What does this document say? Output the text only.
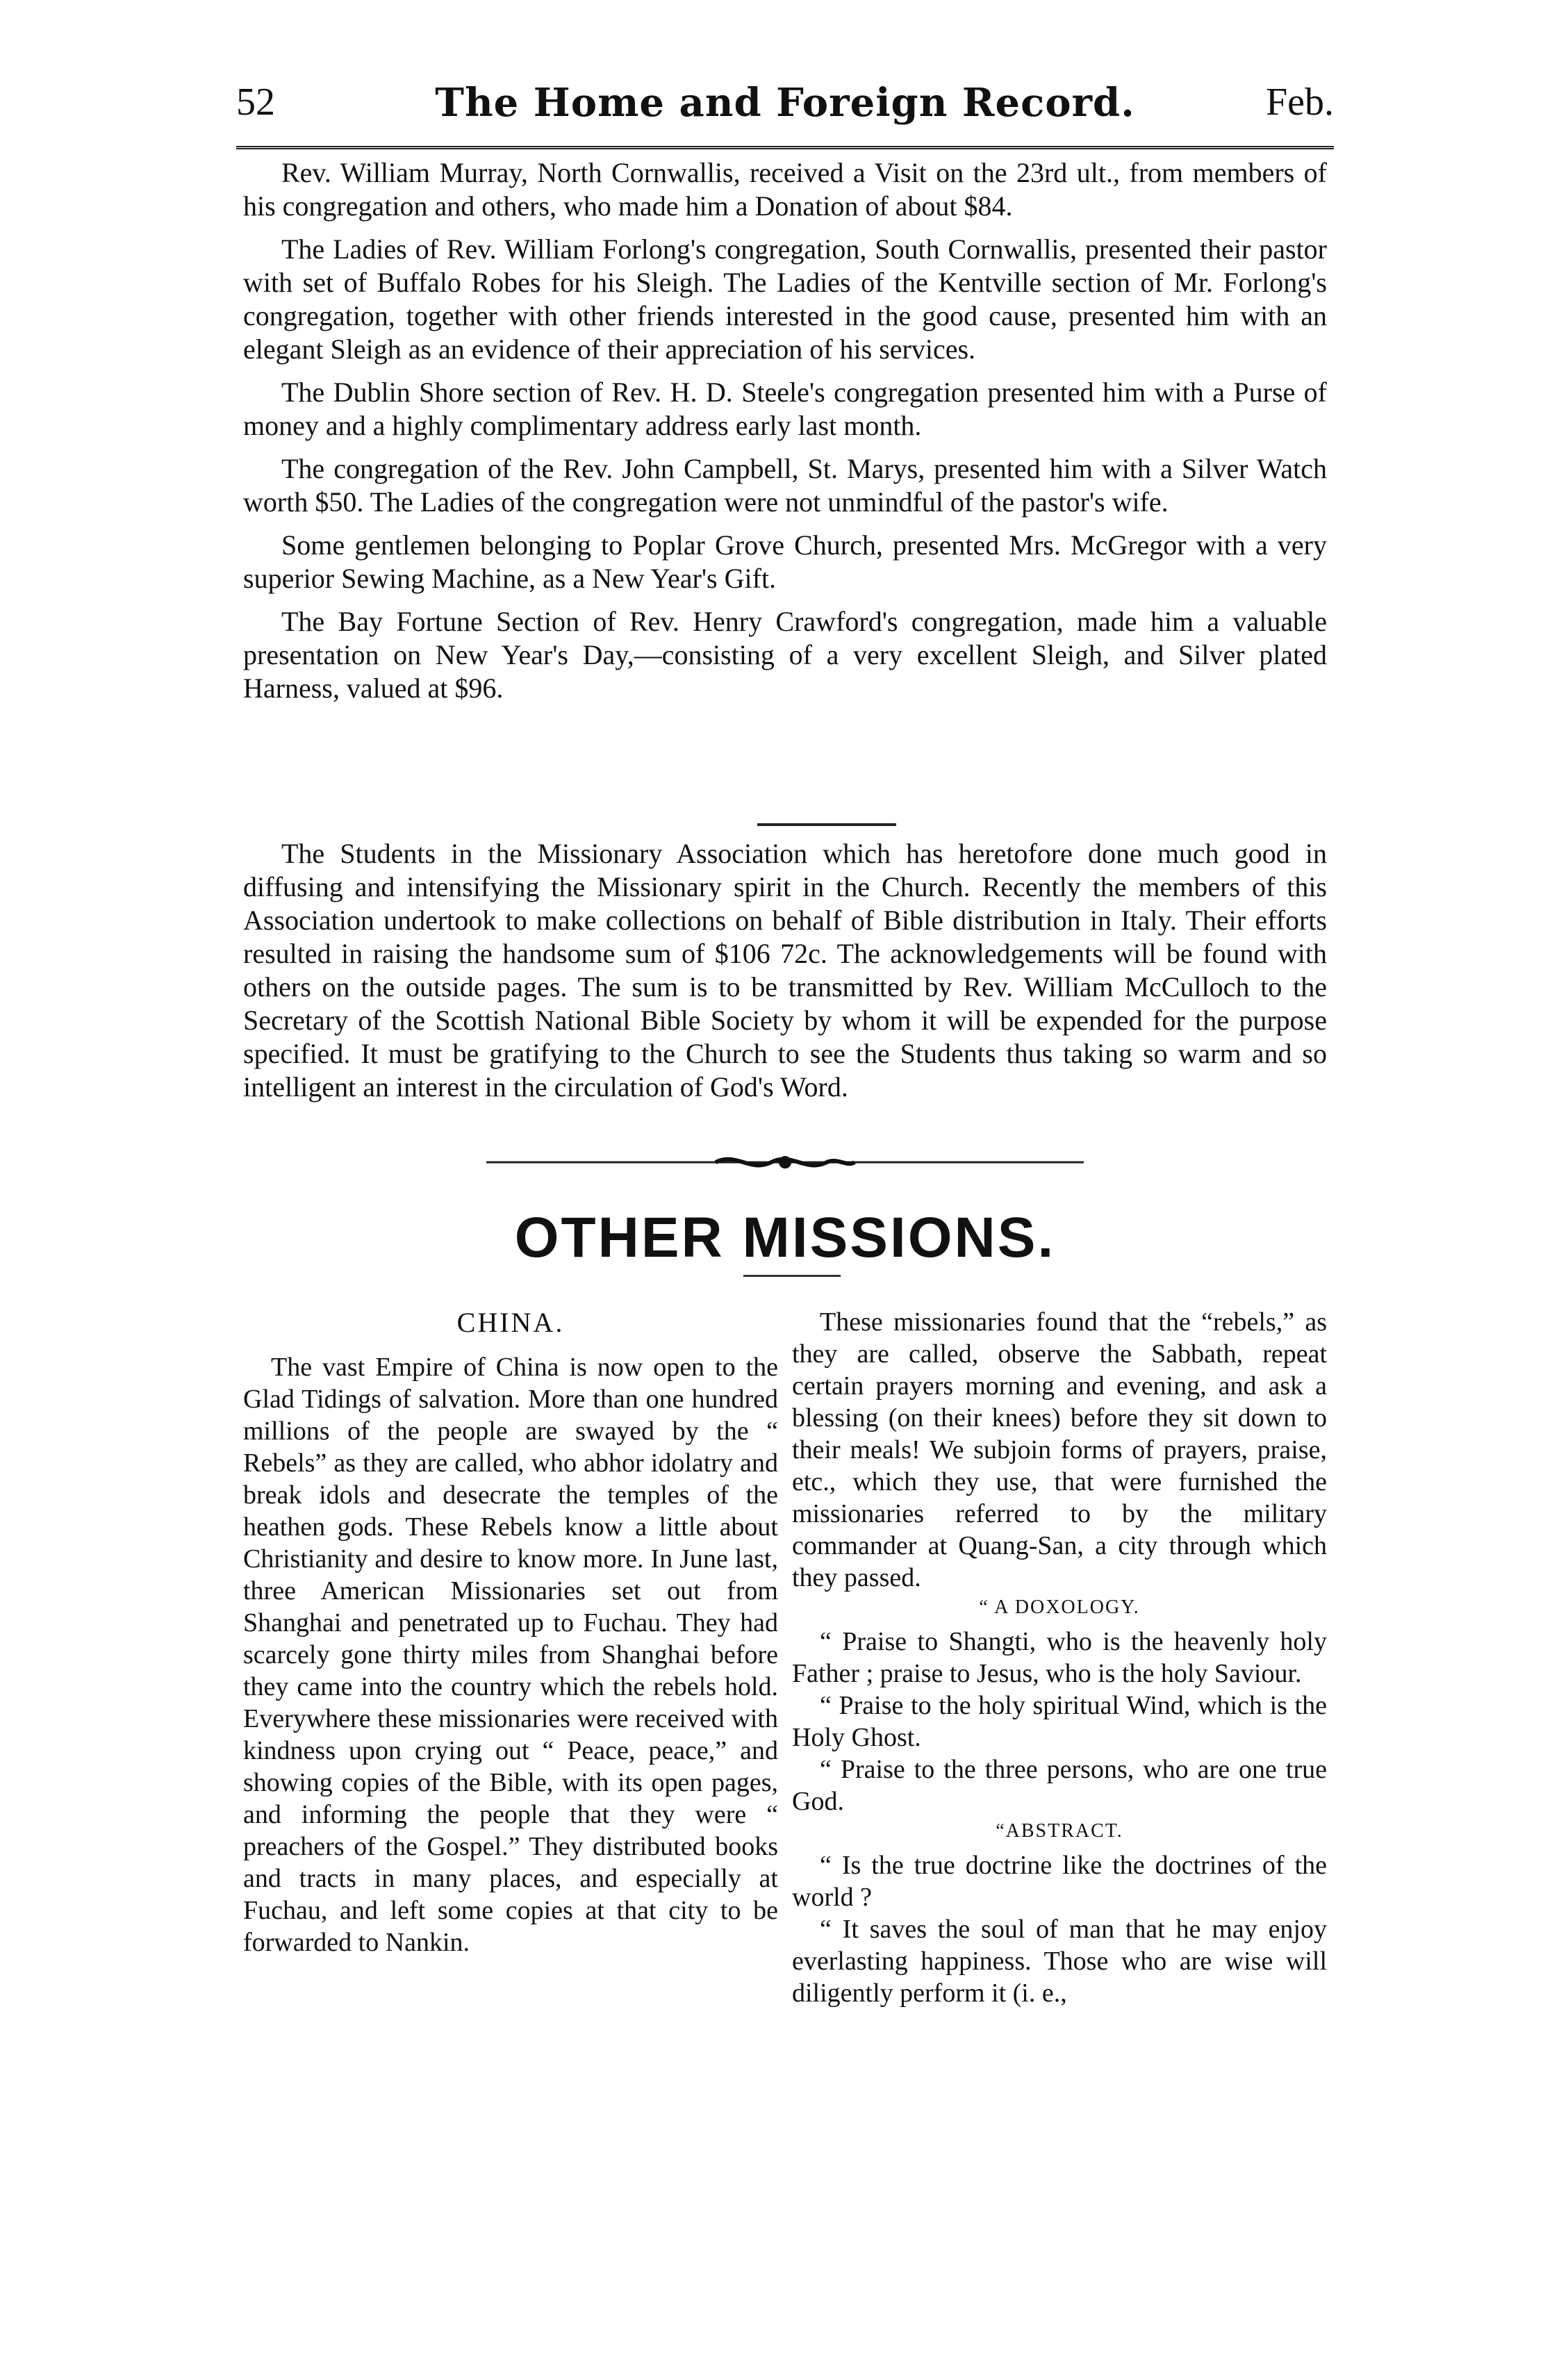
52	The Home and Foreign Record.	Feb.

Rev. William Murray, North Cornwallis, received a Visit on the 23rd ult., from members of his congregation and others, who made him a Donation of about $84.

The Ladies of Rev. William Forlong's congregation, South Cornwallis, presented their pastor with set of Buffalo Robes for his Sleigh. The Ladies of the Kentville section of Mr. Forlong's congregation, together with other friends interested in the good cause, presented him with an elegant Sleigh as an evidence of their appreciation of his services.

The Dublin Shore section of Rev. H. D. Steele's congregation presented him with a Purse of money and a highly complimentary address early last month.

The congregation of the Rev. John Campbell, St. Marys, presented him with a Silver Watch worth $50. The Ladies of the congregation were not unmindful of the pastor's wife.

Some gentlemen belonging to Poplar Grove Church, presented Mrs. McGregor with a very superior Sewing Machine, as a New Year's Gift.

The Bay Fortune Section of Rev. Henry Crawford's congregation, made him a valuable presentation on New Year's Day,—consisting of a very excellent Sleigh, and Silver plated Harness, valued at $96.

The Students in the Missionary Association which has heretofore done much good in diffusing and intensifying the Missionary spirit in the Church. Recently the members of this Association undertook to make collections on behalf of Bible distribution in Italy. Their efforts resulted in raising the handsome sum of $106 72c. The acknowledgements will be found with others on the outside pages. The sum is to be transmitted by Rev. William McCulloch to the Secretary of the Scottish National Bible Society by whom it will be expended for the purpose specified. It must be gratifying to the Church to see the Students thus taking so warm and so intelligent an interest in the circulation of God's Word.

OTHER MISSIONS.

CHINA.

The vast Empire of China is now open to the Glad Tidings of salvation. More than one hundred millions of the people are swayed by the “ Rebels” as they are called, who abhor idolatry and break idols and desecrate the temples of the heathen gods. These Rebels know a little about Christianity and desire to know more. In June last, three American Missionaries set out from Shanghai and penetrated up to Fuchau. They had scarcely gone thirty miles from Shanghai before they came into the country which the rebels hold. Everywhere these missionaries were received with kindness upon crying out “ Peace, peace,” and showing copies of the Bible, with its open pages, and informing the people that they were “ preachers of the Gospel.” They distributed books and tracts in many places, and especially at Fuchau, and left some copies at that city to be forwarded to Nankin.

These missionaries found that the “rebels,” as they are called, observe the Sabbath, repeat certain prayers morning and evening, and ask a blessing (on their knees) before they sit down to their meals! We subjoin forms of prayers, praise, etc., which they use, that were furnished the missionaries referred to by the military commander at Quang-San, a city through which they passed.

“ A DOXOLOGY.

“ Praise to Shangti, who is the heavenly holy Father ; praise to Jesus, who is the holy Saviour.

“ Praise to the holy spiritual Wind, which is the Holy Ghost.

“ Praise to the three persons, who are one true God.

“ABSTRACT.

“ Is the true doctrine like the doctrines of the world ?

“ It saves the soul of man that he may enjoy everlasting happiness. Those who are wise will diligently perform it (i. e.,
